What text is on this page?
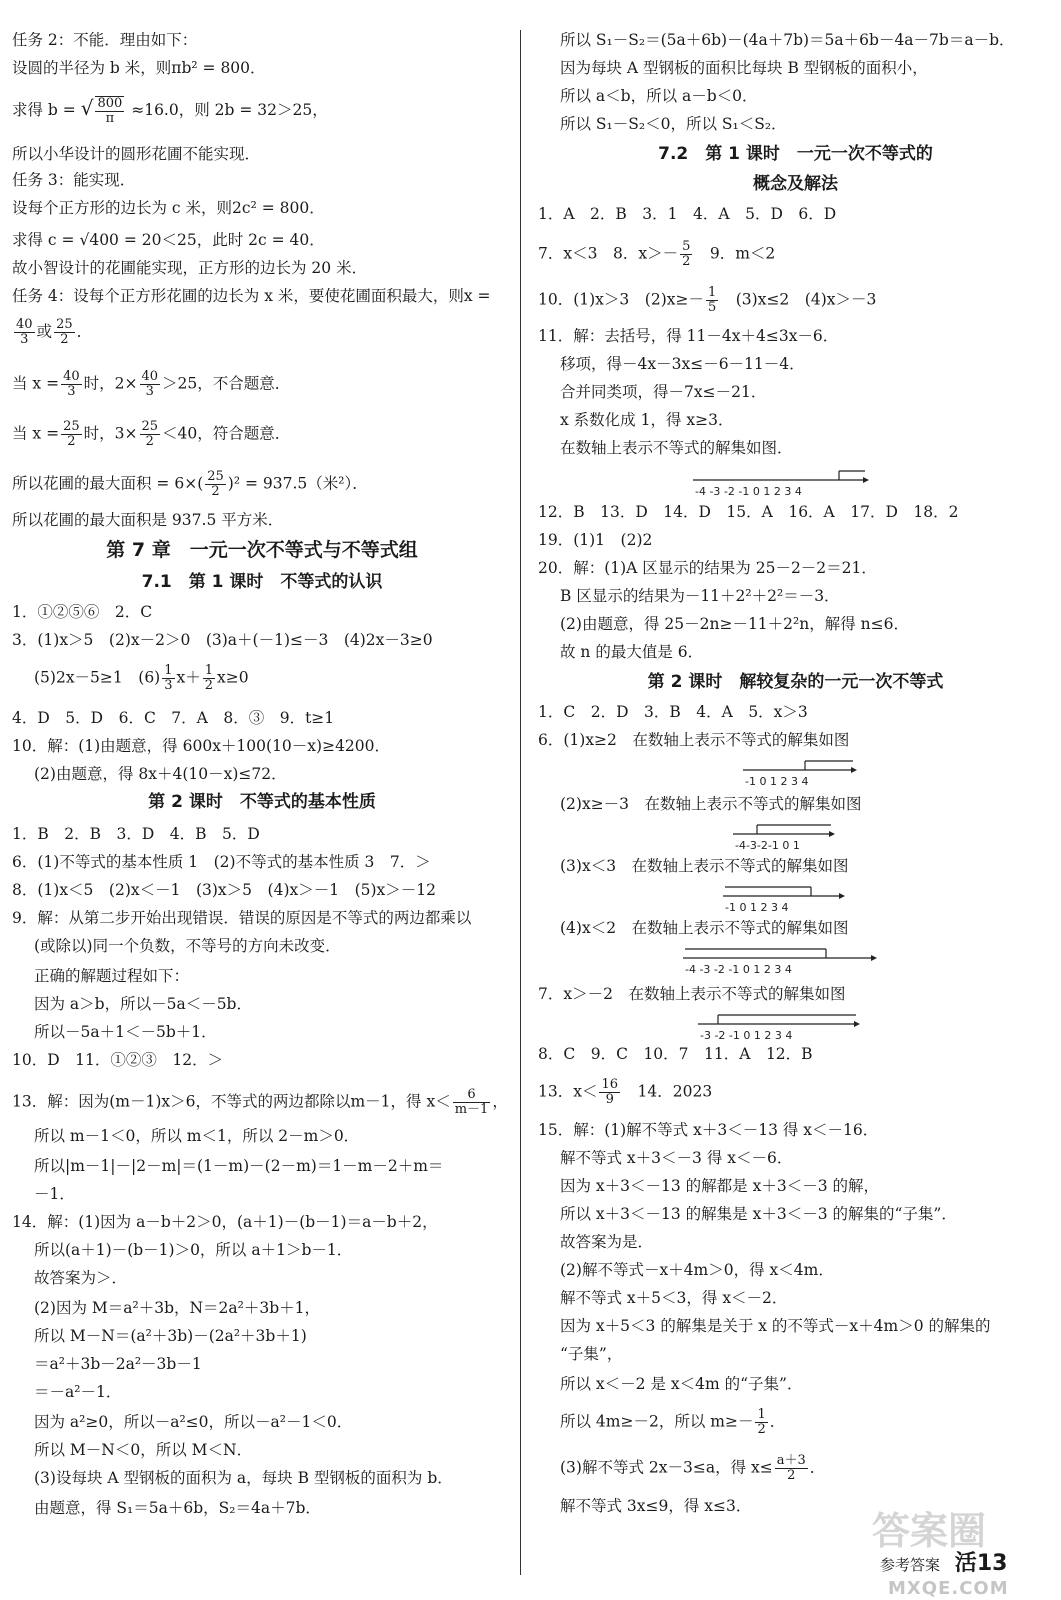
任务 2：不能．理由如下：
设圆的半径为 b 米，则πb² = 800．
求得 b = √ $\frac{800}{\pi} \approx 16.0$，则 2b = 32＞25，
所以小华设计的圆形花圃不能实现．
任务 3：能实现．
设每个正方形的边长为 c 米，则2c² = 800．
求得 c = √400 = 20＜25，此时 2c = 40．
故小智设计的花圃能实现，正方形的边长为 20 米．
任务 4：设每个正方形花圃的边长为 x 米，要使花圃面积最大，则x =
$\frac{40}{3}$ 或 $\frac{25}{2}$ ．
当 $x = \frac{40}{3}$ 时，$2\times \frac{40}{3} >25$，不合题意．
当 $x = \frac{25}{2}$ 时，$3\times \frac{25}{2} <40$，符合题意．
所以花圃的最大面积 = $6\times( \frac{25}{2} )^2 = 937.5$（米²）．
所以花圃的最大面积是 937.5 平方米．
第 7 章　一元一次不等式与不等式组
7.1　第 1 课时　不等式的认识
1．①②⑤⑥　2．C
3．(1)x＞5　(2)x－2＞0　(3)a＋(－1)≤－3　(4)2x－3≥0
(5)2x－5≥1　$(6) \frac{1}{3} x+ \frac{1}{2} x\ge 0$
4．D　5．D　6．C　7．A　8．③　9．t≥1
10．解：(1)由题意，得 600x＋100(10－x)≥4200．
(2)由题意，得 8x＋4(10－x)≤72．
第 2 课时　不等式的基本性质
1．B　2．B　3．D　4．B　5．D
6．(1)不等式的基本性质 1　(2)不等式的基本性质 3　7．＞
8．(1)x＜5　(2)x＜－1　(3)x＞5　(4)x＞－1　(5)x＞－12
9．解：从第二步开始出现错误．错误的原因是不等式的两边都乘以
(或除以)同一个负数，不等号的方向未改变．
正确的解题过程如下：
因为 a＞b，所以－5a＜－5b．
所以－5a＋1＜－5b＋1．
10．D　11．①②③　12．＞
13．解：因为(m－1)x＞6，不等式的两边都除以m－1，得 $x< \frac{6}{m-1}$ ，
所以 m－1＜0，所以 m＜1，所以 2－m＞0．
所以|m－1|－|2－m|＝(1－m)－(2－m)＝1－m－2＋m＝
－1．
14．解：(1)因为 a－b＋2＞0，(a＋1)－(b－1)＝a－b＋2，
所以(a＋1)－(b－1)＞0，所以 a＋1＞b－1．
故答案为＞．
(2)因为 M＝a²＋3b，N＝2a²＋3b＋1，
所以 M－N＝(a²＋3b)－(2a²＋3b＋1)
＝a²＋3b－2a²－3b－1
＝－a²－1．
因为 a²≥0，所以－a²≤0，所以－a²－1＜0．
所以 M－N＜0，所以 M＜N．
(3)设每块 A 型钢板的面积为 a，每块 B 型钢板的面积为 b．
由题意，得 S₁＝5a＋6b，S₂＝4a＋7b．
所以 S₁－S₂＝(5a＋6b)－(4a＋7b)＝5a＋6b－4a－7b＝a－b．
因为每块 A 型钢板的面积比每块 B 型钢板的面积小，
所以 a＜b，所以 a－b＜0．
所以 S₁－S₂＜0，所以 S₁＜S₂．
7.2　第 1 课时　一元一次不等式的
概念及解法
1．A　2．B　3．1　4．A　5．D　6．D
7．x＜3　8．$x>- \frac{5}{2}$ 　9．m＜2
10．(1)x＞3　$(2)x\ge- \frac{1}{5}$ 　(3)x≤2　(4)x＞－3
11．解：去括号，得 11－4x＋4≤3x－6．
移项，得－4x－3x≤－6－11－4．
合并同类项，得－7x≤－21．
x 系数化成 1，得 x≥3．
在数轴上表示不等式的解集如图．
-4 -3 -2 -1 0 1 2 3 4
12．B　13．D　14．D　15．A　16．A　17．D　18．2
19．(1)1　(2)2
20．解：(1)A 区显示的结果为 25－2－2＝21．
B 区显示的结果为－11＋2²＋2²＝－3．
(2)由题意，得 25－2n≥－11＋2²n，解得 n≤6．
故 n 的最大值是 6．
第 2 课时　解较复杂的一元一次不等式
1．C　2．D　3．B　4．A　5．x＞3
6．(1)x≥2　在数轴上表示不等式的解集如图
-1 0 1 2 3 4
(2)x≥－3　在数轴上表示不等式的解集如图
-4-3-2-1 0 1
(3)x＜3　在数轴上表示不等式的解集如图
-1 0 1 2 3 4
(4)x＜2　在数轴上表示不等式的解集如图
-4 -3 -2 -1 0 1 2 3 4
7．x＞－2　在数轴上表示不等式的解集如图
-3 -2 -1 0 1 2 3 4
8．C　9．C　10．7　11．A　12．B
13．$x< \frac{16}{9}$ 　14．2023
15．解：(1)解不等式 x＋3＜－13 得 x＜－16．
解不等式 x＋3＜－3 得 x＜－6．
因为 x＋3＜－13 的解都是 x＋3＜－3 的解，
所以 x＋3＜－13 的解集是 x＋3＜－3 的解集的“子集”．
故答案为是．
(2)解不等式－x＋4m＞0，得 x＜4m．
解不等式 x＋5＜3，得 x＜－2．
因为 x＋5＜3 的解集是关于 x 的不等式－x＋4m＞0 的解集的
“子集”，
所以 x＜－2 是 x＜4m 的“子集”．
所以 4m≥－2，所以 $m\ge- \frac{1}{2}$ ．
(3)解不等式 2x－3≤a，得 $x\le \frac{a+3}{2}$ ．
解不等式 3x≤9，得 x≤3．
答案圈
MXQE.COM
参考答案 活13
